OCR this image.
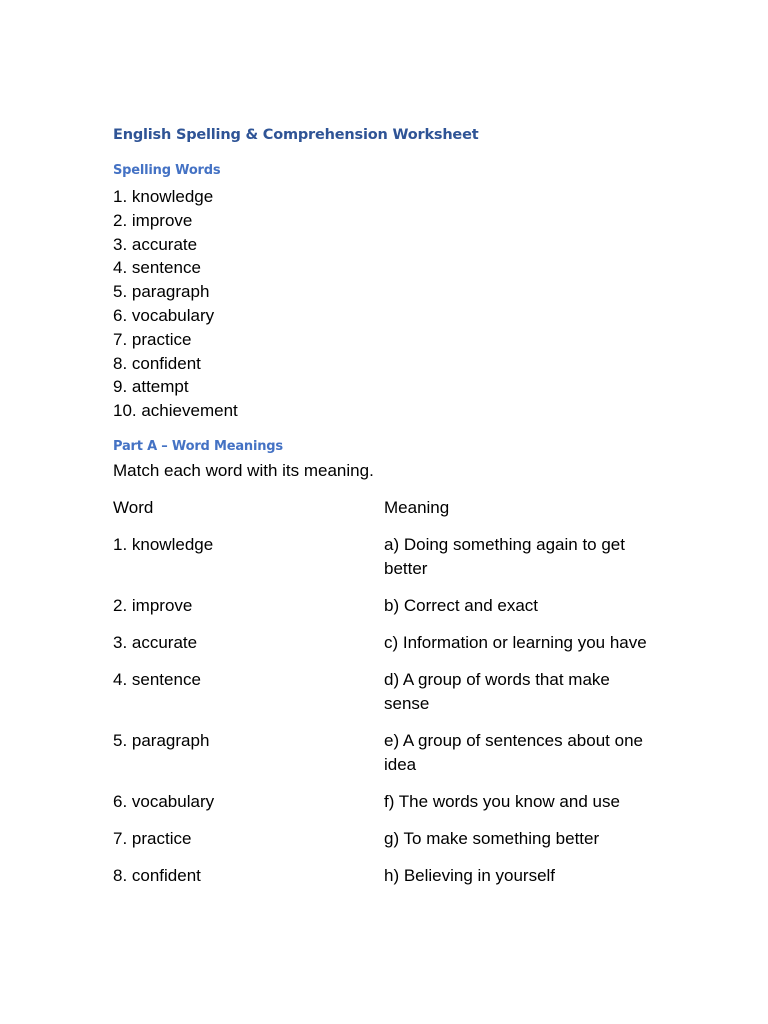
English Spelling & Comprehension Worksheet
Spelling Words
1. knowledge
2. improve
3. accurate
4. sentence
5. paragraph
6. vocabulary
7. practice
8. confident
9. attempt
10. achievement
Part A – Word Meanings

Match each word with its meaning.

Word	Meaning
1. knowledge	a) Doing something again to get better
2. improve	b) Correct and exact
3. accurate	c) Information or learning you have
4. sentence	d) A group of words that make sense
5. paragraph	e) A group of sentences about one idea
6. vocabulary	f) The words you know and use
7. practice	g) To make something better
8. confident	h) Believing in yourself
